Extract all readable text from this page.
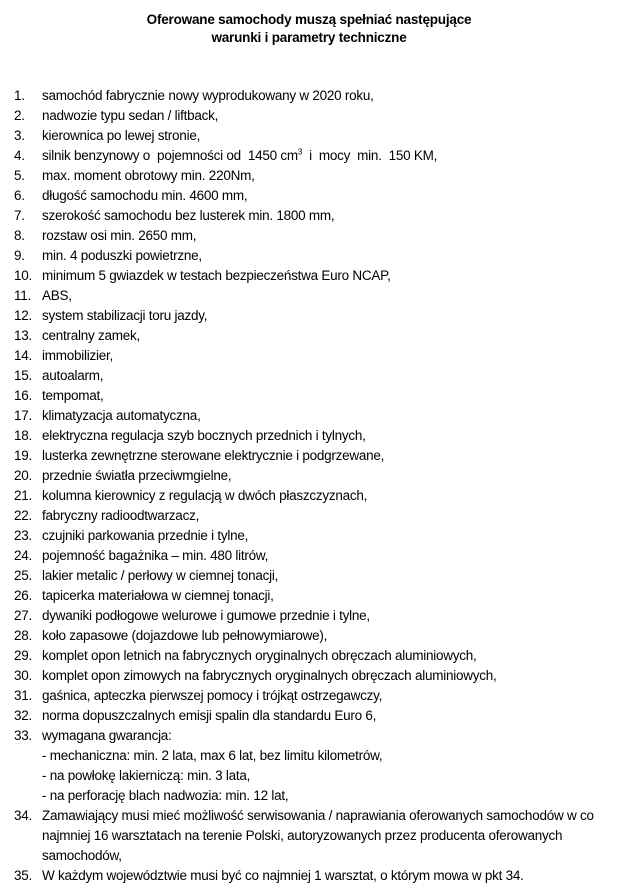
Oferowane samochody muszą spełniać następujące
warunki i parametry techniczne
1.	samochód fabrycznie nowy wyprodukowany w 2020 roku,
2.	nadwozie typu sedan / liftback,
3.	kierownica po lewej stronie,
4.	silnik benzynowy o  pojemności od  1450 $cm^3$  i  mocy  min.  150 KM,
5.	max. moment obrotowy min. 220Nm,
6.	długość samochodu min. 4600 mm,
7.	szerokość samochodu bez lusterek min. 1800 mm,
8.	rozstaw osi min. 2650 mm,
9.	min. 4 poduszki powietrzne,
10. minimum 5 gwiazdek w testach bezpieczeństwa Euro NCAP,
11. ABS,
12. system stabilizacji toru jazdy,
13. centralny zamek,
14. immobilizier,
15. autoalarm,
16. tempomat,
17. klimatyzacja automatyczna,
18. elektryczna regulacja szyb bocznych przednich i tylnych,
19. lusterka zewnętrzne sterowane elektrycznie i podgrzewane,
20. przednie światła przeciwmgielne,
21. kolumna kierownicy z regulacją w dwóch płaszczyznach,
22. fabryczny radioodtwarzacz,
23. czujniki parkowania przednie i tylne,
24. pojemność bagażnika – min. 480 litrów,
25. lakier metalic / perłowy w ciemnej tonacji,
26. tapicerka materiałowa w ciemnej tonacji,
27. dywaniki podłogowe welurowe i gumowe przednie i tylne,
28. koło zapasowe (dojazdowe lub pełnowymiarowe),
29. komplet opon letnich na fabrycznych oryginalnych obręczach aluminiowych,
30. komplet opon zimowych na fabrycznych oryginalnych obręczach aluminiowych,
31. gaśnica, apteczka pierwszej pomocy i trójkąt ostrzegawczy,
32. norma dopuszczalnych emisji spalin dla standardu Euro 6,
33. wymagana gwarancja:
- mechaniczna: min. 2 lata, max 6 lat, bez limitu kilometrów,
- na powłokę lakierniczą: min. 3 lata,
- na perforację blach nadwozia: min. 12 lat,
34. Zamawiający musi mieć możliwość serwisowania / naprawiania oferowanych samochodów w co
najmniej 16 warsztatach na terenie Polski, autoryzowanych przez producenta oferowanych
samochodów,
35. W każdym województwie musi być co najmniej 1 warsztat, o którym mowa w pkt 34.
